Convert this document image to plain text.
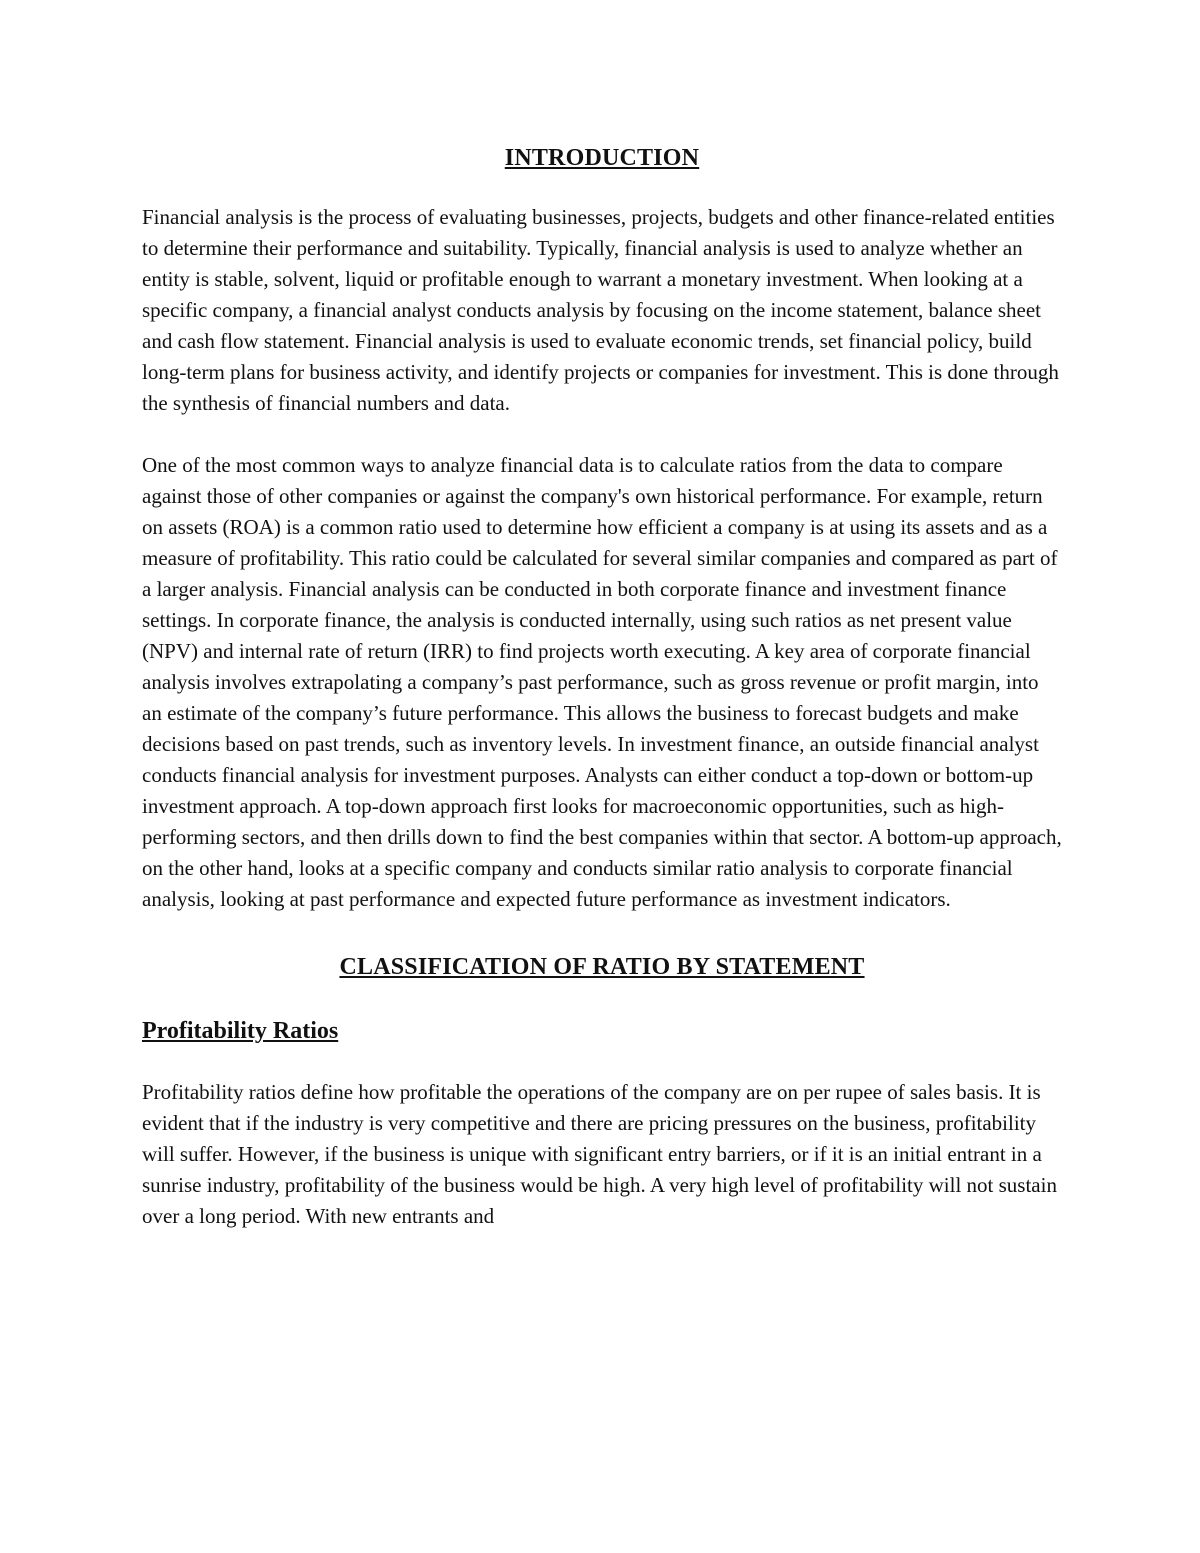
INTRODUCTION

Financial analysis is the process of evaluating businesses, projects, budgets and other finance-related entities to determine their performance and suitability. Typically, financial analysis is used to analyze whether an entity is stable, solvent, liquid or profitable enough to warrant a monetary investment. When looking at a specific company, a financial analyst conducts analysis by focusing on the income statement, balance sheet and cash flow statement. Financial analysis is used to evaluate economic trends, set financial policy, build long-term plans for business activity, and identify projects or companies for investment. This is done through the synthesis of financial numbers and data.

One of the most common ways to analyze financial data is to calculate ratios from the data to compare against those of other companies or against the company's own historical performance. For example, return on assets (ROA) is a common ratio used to determine how efficient a company is at using its assets and as a measure of profitability. This ratio could be calculated for several similar companies and compared as part of a larger analysis. Financial analysis can be conducted in both corporate finance and investment finance settings. In corporate finance, the analysis is conducted internally, using such ratios as net present value (NPV) and internal rate of return (IRR) to find projects worth executing. A key area of corporate financial analysis involves extrapolating a company’s past performance, such as gross revenue or profit margin, into an estimate of the company’s future performance. This allows the business to forecast budgets and make decisions based on past trends, such as inventory levels. In investment finance, an outside financial analyst conducts financial analysis for investment purposes. Analysts can either conduct a top-down or bottom-up investment approach. A top-down approach first looks for macroeconomic opportunities, such as high-performing sectors, and then drills down to find the best companies within that sector. A bottom-up approach, on the other hand, looks at a specific company and conducts similar ratio analysis to corporate financial analysis, looking at past performance and expected future performance as investment indicators.

CLASSIFICATION OF RATIO BY STATEMENT
Profitability Ratios

Profitability ratios define how profitable the operations of the company are on per rupee of sales basis. It is evident that if the industry is very competitive and there are pricing pressures on the business, profitability will suffer. However, if the business is unique with significant entry barriers, or if it is an initial entrant in a sunrise industry, profitability of the business would be high. A very high level of profitability will not sustain over a long period. With new entrants and
